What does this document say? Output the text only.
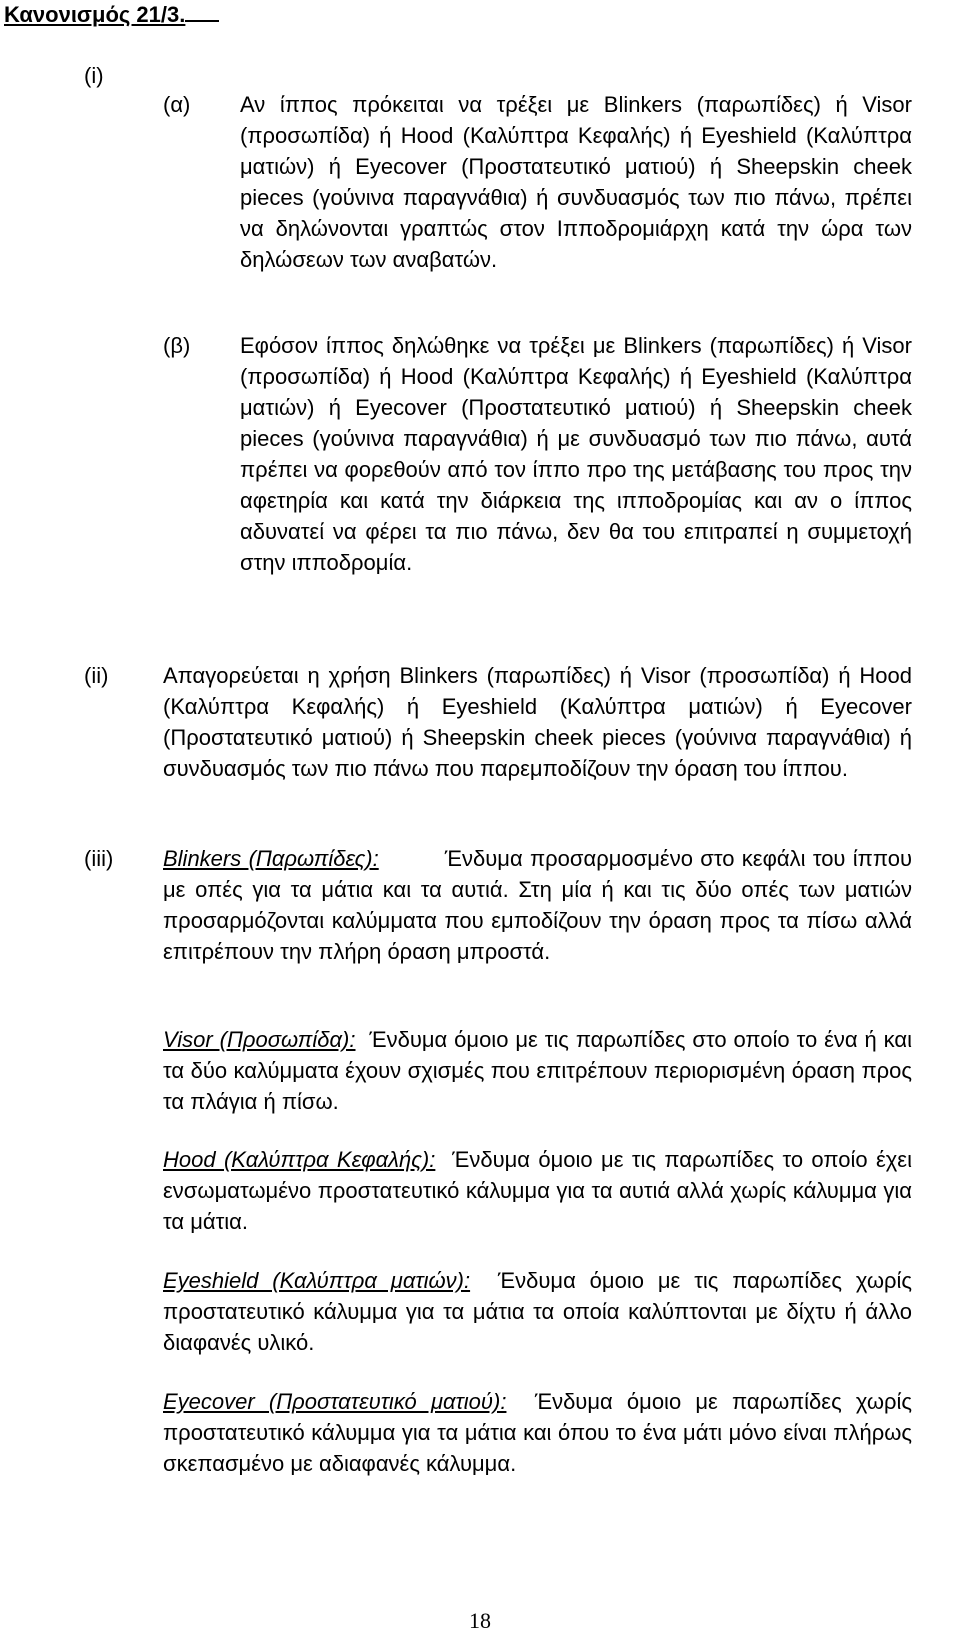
Κανονισμός 21/3.
(i)
(α) Αν ίππος πρόκειται να τρέξει με Blinkers (παρωπίδες) ή Visor (προσωπίδα) ή Hood (Καλύπτρα Κεφαλής) ή Eyeshield (Καλύπτρα ματιών) ή Eyecover (Προστατευτικό ματιού) ή Sheepskin cheek pieces (γούνινα παραγνάθια) ή συνδυασμός των πιο πάνω, πρέπει να δηλώνονται γραπτώς στον Ιπποδρομιάρχη κατά την ώρα των δηλώσεων των αναβατών.

(β) Εφόσον ίππος δηλώθηκε να τρέξει με Blinkers (παρωπίδες) ή Visor (προσωπίδα) ή Hood (Καλύπτρα Κεφαλής) ή Eyeshield (Καλύπτρα ματιών) ή Eyecover (Προστατευτικό ματιού) ή Sheepskin cheek pieces (γούνινα παραγνάθια) ή με συνδυασμό των πιο πάνω, αυτά πρέπει να φορεθούν από τον ίππο προ της μετάβασης του προς την αφετηρία και κατά την διάρκεια της ιπποδρομίας και αν ο ίππος αδυνατεί να φέρει τα πιο πάνω, δεν θα του επιτραπεί η συμμετοχή στην ιπποδρομία.

(ii) Απαγορεύεται η χρήση Blinkers (παρωπίδες) ή Visor (προσωπίδα) ή Hood (Καλύπτρα Κεφαλής) ή Eyeshield (Καλύπτρα ματιών) ή Eyecover (Προστατευτικό ματιού) ή Sheepskin cheek pieces (γούνινα παραγνάθια) ή συνδυασμός των πιο πάνω που παρεμποδίζουν την όραση του ίππου.

(iii) Blinkers (Παρωπίδες):	Ένδυμα προσαρμοσμένο στο κεφάλι του ίππου με οπές για τα μάτια και τα αυτιά. Στη μία ή και τις δύο οπές των ματιών προσαρμόζονται καλύμματα που εμποδίζουν την όραση προς τα πίσω αλλά επιτρέπουν την πλήρη όραση μπροστά.

Visor (Προσωπίδα): Ένδυμα όμοιο με τις παρωπίδες στο οποίο το ένα ή και τα δύο καλύμματα έχουν σχισμές που επιτρέπουν περιορισμένη όραση προς τα πλάγια ή πίσω.

Hood (Καλύπτρα Κεφαλής): Ένδυμα όμοιο με τις παρωπίδες το οποίο έχει ενσωματωμένο προστατευτικό κάλυμμα για τα αυτιά αλλά χωρίς κάλυμμα για τα μάτια.

Eyeshield (Καλύπτρα ματιών): Ένδυμα όμοιο με τις παρωπίδες χωρίς προστατευτικό κάλυμμα για τα μάτια τα οποία καλύπτονται με δίχτυ ή άλλο διαφανές υλικό.

Eyecover (Προστατευτικό ματιού): Ένδυμα όμοιο με παρωπίδες χωρίς προστατευτικό κάλυμμα για τα μάτια και όπου το ένα μάτι μόνο είναι πλήρως σκεπασμένο με αδιαφανές κάλυμμα.

18
